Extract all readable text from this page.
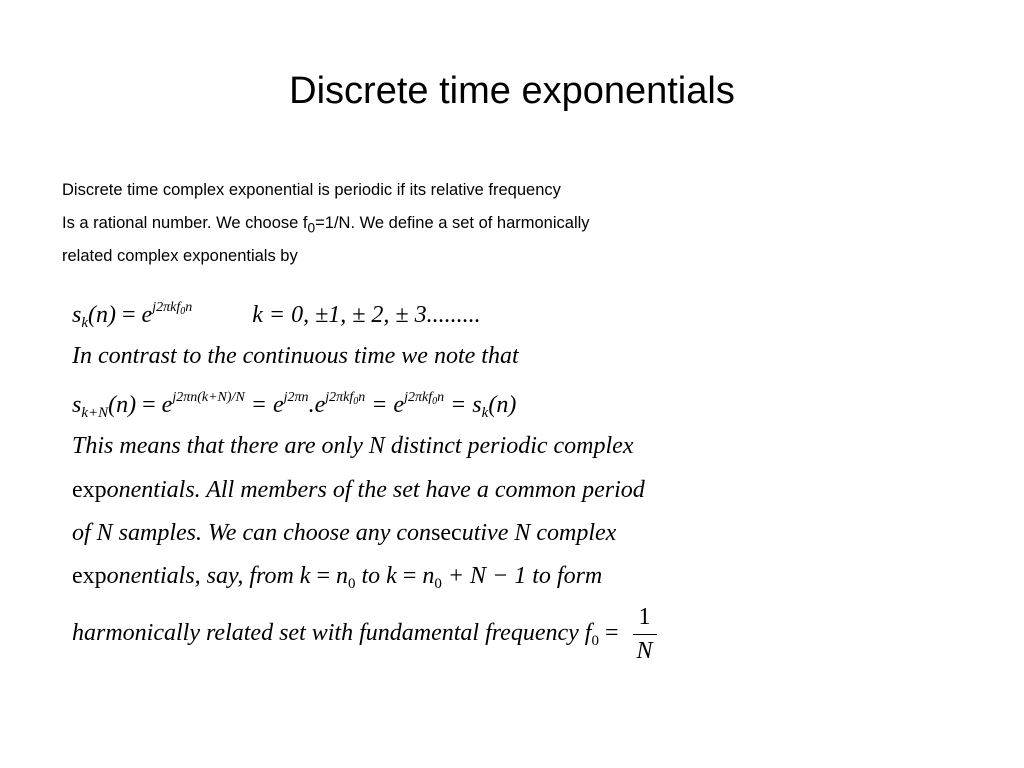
Discrete time exponentials
Discrete time complex exponential is periodic if its relative frequency
Is a rational number. We choose $f_0=1/N$. We define a set of harmonically
related complex exponentials by
$s_k(n) = e^{j2\pi kf_0n}$	k = 0, ±1, ± 2, ± 3.........
In contrast to the continuous time we note that
$s_{k+N}(n) = e^{j2\pi n(k+N)/N} = e^{j2\pi n}.e^{j2\pi kf_0n} = e^{j2\pi kf_0n} = s_k(n)$
This means that there are only N distinct periodic complex
exponentials. All members of the set have a common period
of N samples. We can choose any consecutive N complex
exponentials, say, from $k = n_0$ to $k = n_0 + N - 1$ to form
harmonically related set with fundamental frequency $f_0 = \frac{1}{N}$
